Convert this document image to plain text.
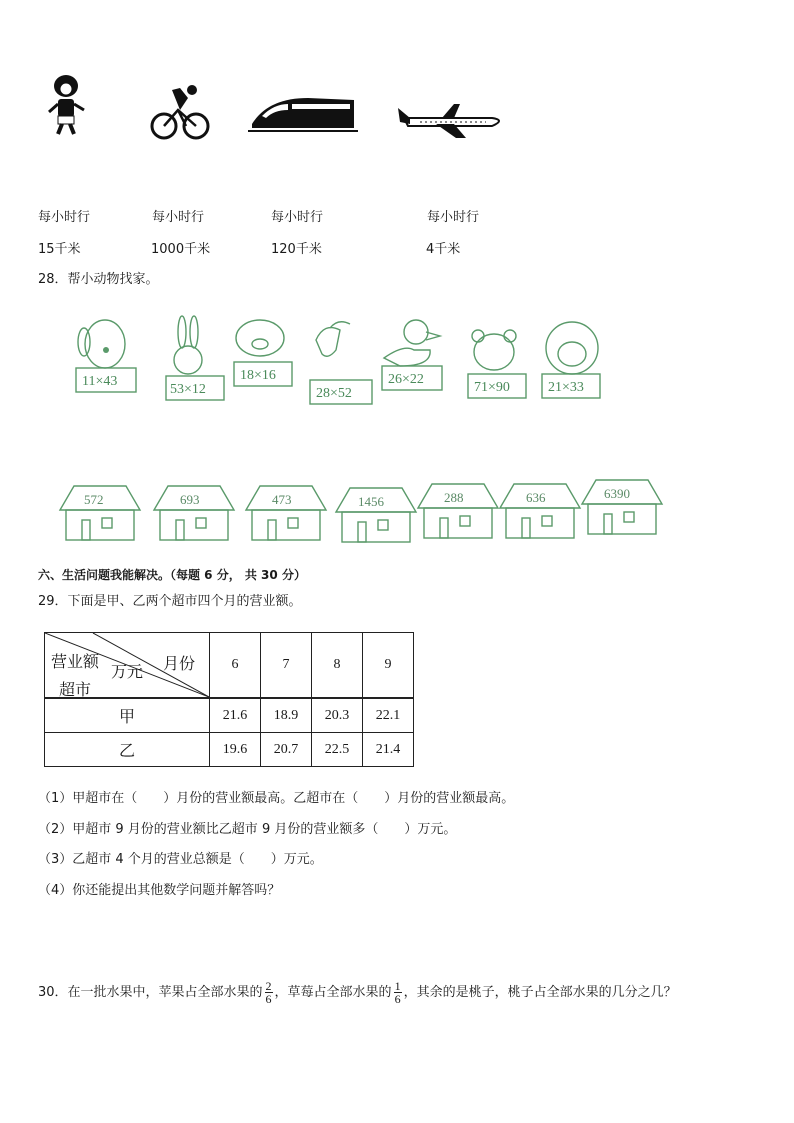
每小时行	每小时行	每小时行	每小时行
15千米	1000千米	120千米	4千米
28．帮小动物找家。
11×43
53×12
18×16
28×52
26×22
71×90	21×33
572	693	473	1456	288	636	6390
六、生活问题我能解决。（每题 6 分， 共 30 分）
29．下面是甲、乙两个超市四个月的营业额。
营业额
万元 月份
超市	6	7	8	9
甲	21.6	18.9	20.3	22.1
乙	19.6	20.7	22.5	21.4
（1）甲超市在（　　）月份的营业额最高。乙超市在（　　）月份的营业额最高。
（2）甲超市 9 月份的营业额比乙超市 9 月份的营业额多（　　）万元。
（3）乙超市 4 个月的营业总额是（　　）万元。
（4）你还能提出其他数学问题并解答吗？
30．在一批水果中，苹果占全部水果的 $\frac{2}{6}$ ，草莓占全部水果的 $\frac{1}{6}$ ，其余的是桃子，桃子占全部水果的几分之几？
